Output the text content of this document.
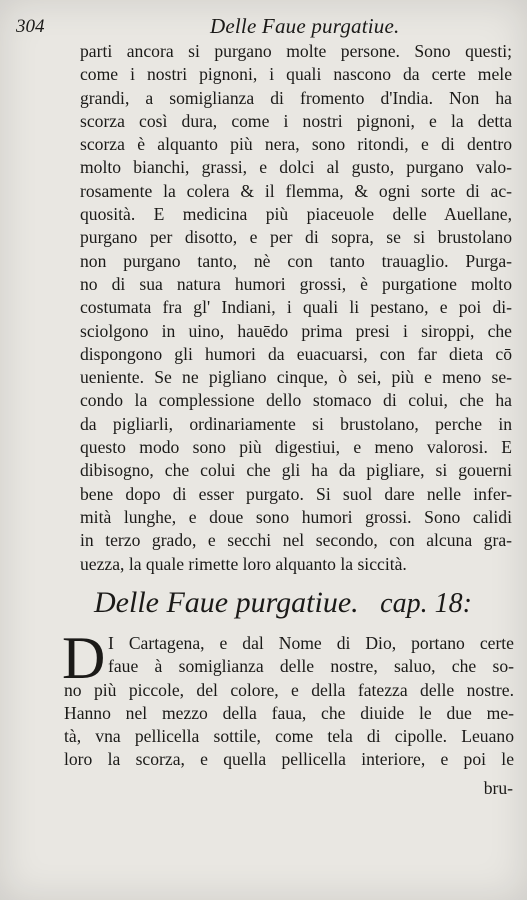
304	Delle Faue purgatiue.
parti ancora si purgano molte persone. Sono questi;
come i nostri pignoni, i quali nascono da certe mele
grandi, a somiglianza di fromento d'India. Non ha
scorza così dura, come i nostri pignoni, e la detta
scorza è alquanto più nera, sono ritondi, e di dentro
molto bianchi, grassi, e dolci al gusto, purgano valo-
rosamente la colera & il flemma, & ogni sorte di ac-
quosità. E medicina più piaceuole delle Auellane,
purgano per disotto, e per di sopra, se si brustolano
non purgano tanto, nè con tanto trauaglio. Purga-
no di sua natura humori grossi, è purgatione molto
costumata fra gl' Indiani, i quali li pestano, e poi di-
sciolgono in uino, hauēdo prima presi i siroppi, che
dispongono gli humori da euacuarsi, con far dieta cō
ueniente. Se ne pigliano cinque, ò sei, più e meno se-
condo la complessione dello stomaco di colui, che ha
da pigliarli, ordinariamente si brustolano, perche in
questo modo sono più digestiui, e meno valorosi. E
dibisogno, che colui che gli ha da pigliare, si gouerni
bene dopo di esser purgato. Si suol dare nelle infer-
mità lunghe, e doue sono humori grossi. Sono calidi
in terzo grado, e secchi nel secondo, con alcuna gra-
uezza, la quale rimette loro alquanto la siccità.
Delle Faue purgatiue. cap. 18:
D I Cartagena, e dal Nome di Dio, portano certe
faue à somiglianza delle nostre, saluo, che so-
no più piccole, del colore, e della fatezza delle nostre.
Hanno nel mezzo della faua, che diuide le due me-
tà, vna pellicella sottile, come tela di cipolle. Leuano
loro la scorza, e quella pellicella interiore, e poi le
bru-
